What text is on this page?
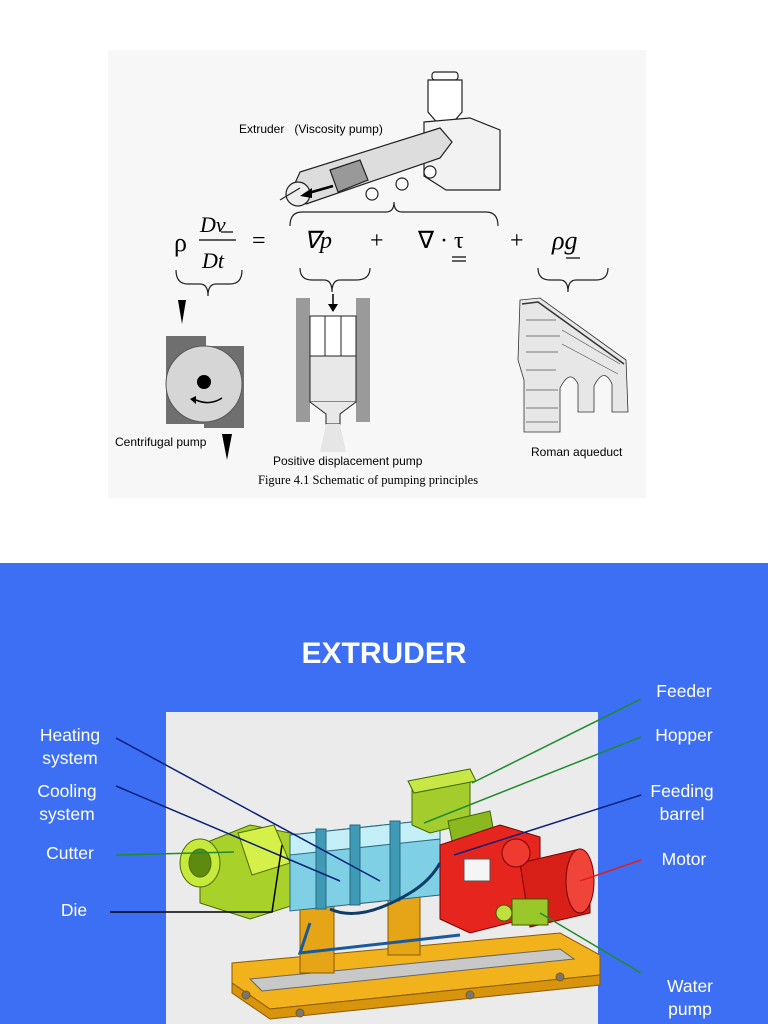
Extruder (Viscosity pump)
ρ
Dv
Dt
= ∇p + ∇ · τ + ρg
Centrifugal pump
Positive displacement pump
Roman aqueduct
Figure 4.1 Schematic of pumping principles
EXTRUDER
Heating
system
Cooling
system
Cutter
Die
Feeder
Hopper
Feeding
barrel
Motor
Water
pump
